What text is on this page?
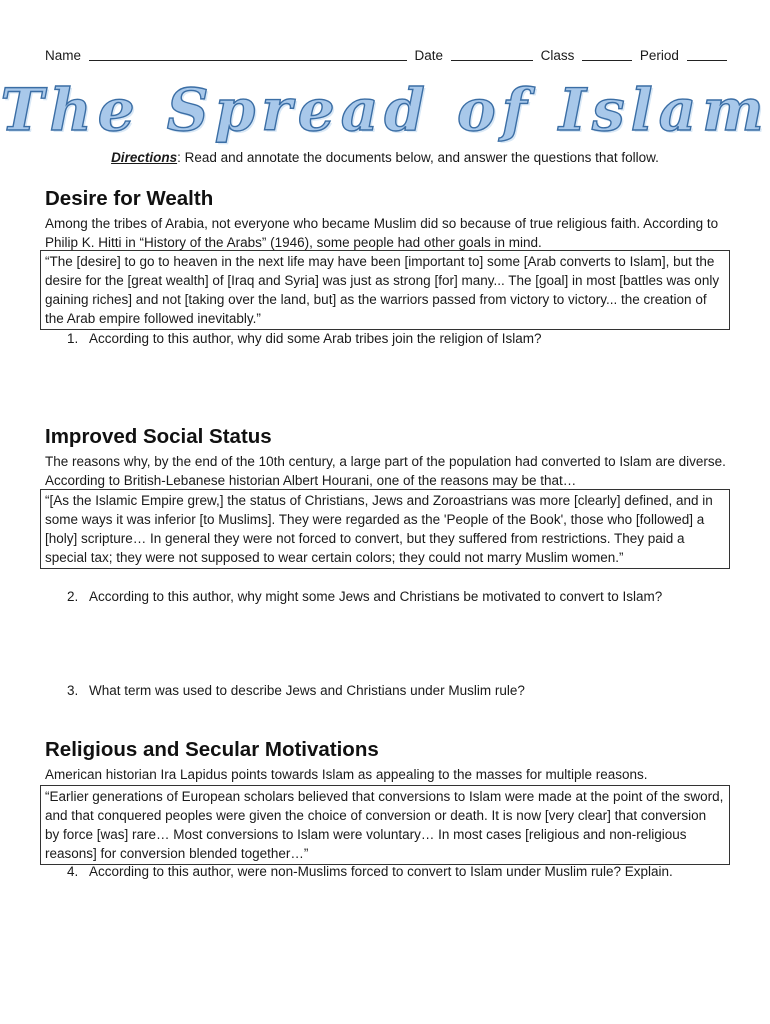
Name	Date	Class	Period
The Spread of Islam
Directions: Read and annotate the documents below, and answer the questions that follow.
Desire for Wealth
Among the tribes of Arabia, not everyone who became Muslim did so because of true religious faith. According to Philip K. Hitti in “History of the Arabs” (1946), some people had other goals in mind.
“The [desire] to go to heaven in the next life may have been [important to] some [Arab converts to Islam], but the desire for the [great wealth] of [Iraq and Syria] was just as strong [for] many... The [goal] in most [battles was only gaining riches] and not [taking over the land, but] as the warriors passed from victory to victory... the creation of the Arab empire followed inevitably.”
1. According to this author, why did some Arab tribes join the religion of Islam?
Improved Social Status
The reasons why, by the end of the 10th century, a large part of the population had converted to Islam are diverse. According to British-Lebanese historian Albert Hourani, one of the reasons may be that…
“[As the Islamic Empire grew,] the status of Christians, Jews and Zoroastrians was more [clearly] defined, and in some ways it was inferior [to Muslims]. They were regarded as the 'People of the Book', those who [followed] a [holy] scripture… In general they were not forced to convert, but they suffered from restrictions. They paid a special tax; they were not supposed to wear certain colors; they could not marry Muslim women.”
2. According to this author, why might some Jews and Christians be motivated to convert to Islam?
3. What term was used to describe Jews and Christians under Muslim rule?
Religious and Secular Motivations
American historian Ira Lapidus points towards Islam as appealing to the masses for multiple reasons.
“Earlier generations of European scholars believed that conversions to Islam were made at the point of the sword, and that conquered peoples were given the choice of conversion or death. It is now [very clear] that conversion by force [was] rare… Most conversions to Islam were voluntary… In most cases [religious and non-religious reasons] for conversion blended together…”
4. According to this author, were non-Muslims forced to convert to Islam under Muslim rule? Explain.
